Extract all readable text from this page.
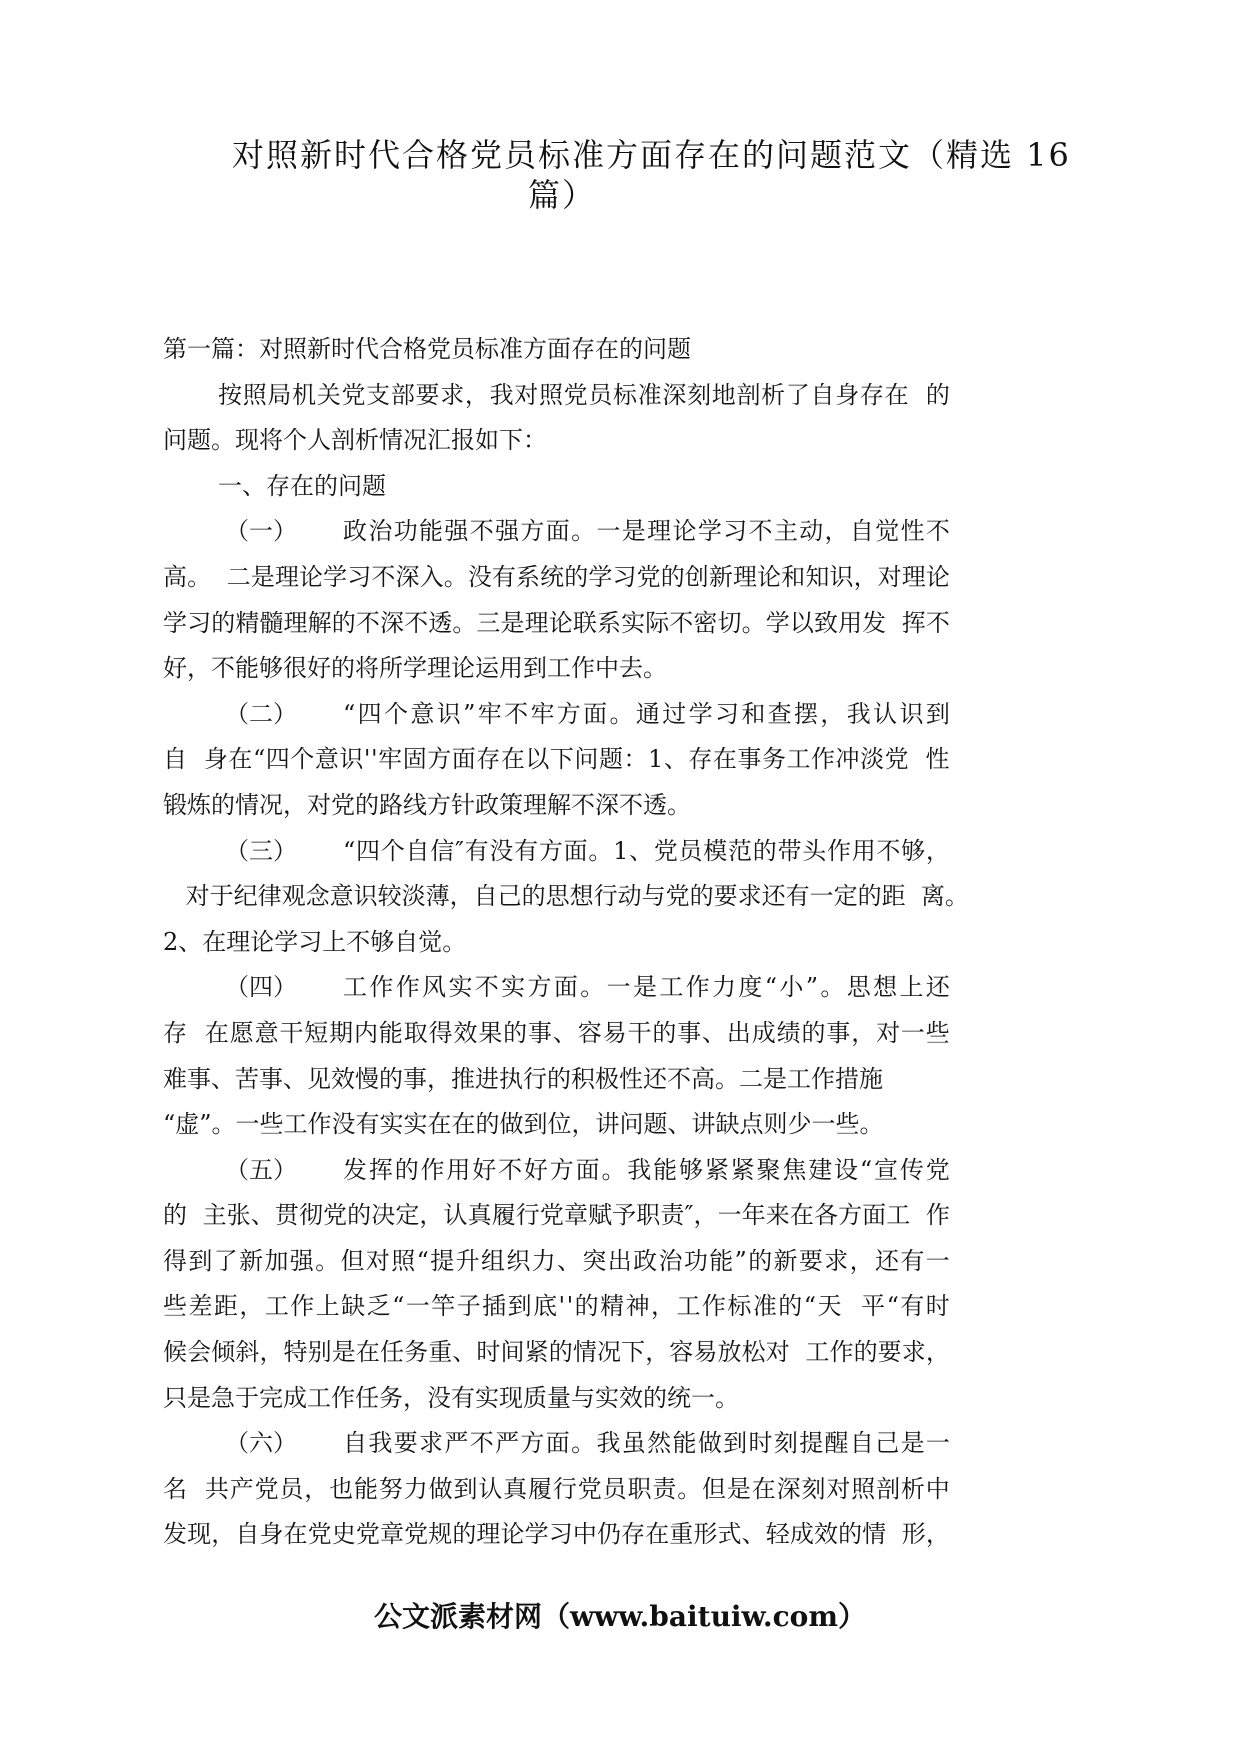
对照新时代合格党员标准方面存在的问题范文（精选 16
篇）
第一篇：对照新时代合格党员标准方面存在的问题
按 照 局 机 关 党 支 部 要 求 ， 我 对 照 党 员 标 准 深 刻 地 剖 析 了 自 身 存 在

的
问题。现将个人剖析情况汇报如下：
一、存在的问题
（一）	政 治 功 能 强 不 强 方 面 。 一 是 理 论 学 习 不 主 动 ， 自 觉 性 不
高 。

二 是 理 论 学 习 不 深 入 。 没 有 系 统 的 学 习 党 的 创 新 理 论 和 知 识 ， 对 理 论
学 习 的 精 髓 理 解 的 不 深 不 透 。 三 是 理 论 联 系 实 际 不 密 切 。 学 以 致 用 发

挥 不
好，不能够很好的将所学理论运用到工作中去。
（二）	“ 四 个 意 识 ” 牢 不 牢 方 面 。 通 过 学 习 和 查 摆 ， 我 认 识 到
自

身 在 “ 四 个 意 识 ' ' 牢 固 方 面 存 在 以 下 问 题 ： 1 、 存 在 事 务 工 作 冲 淡 党

性
锻炼的情况，对党的路线方针政策理解不深不透。
（三）	“ 四 个 自 信 ″ 有 没 有 方 面 。 1 、 党 员 模 范 的 带 头 作 用 不 够 ，

对 于 纪 律 观 念 意 识 较 淡 薄 ， 自 己 的 思 想 行 动 与 党 的 要 求 还 有 一 定 的 距

离 。
2、在理论学习上不够自觉。
（四）	工 作 作 风 实 不 实 方 面 。 一 是 工 作 力 度 “ 小 ” 。 思 想 上 还
存

在 愿 意 干 短 期 内 能 取 得 效 果 的 事 、 容 易 干 的 事 、 出 成 绩 的 事 ， 对 一 些
难事、苦事、见效慢的事，推进执行的积极性还不高。二是工作措施
“虚”。一些工作没有实实在在的做到位，讲问题、讲缺点则少一些。
（五）	发 挥 的 作 用 好 不 好 方 面 。 我 能 够 紧 紧 聚 焦 建 设 “ 宣 传 党
的

主 张 、 贯 彻 党 的 决 定 ， 认 真 履 行 党 章 赋 予 职 责 ″ ， 一 年 来 在 各 方 面 工

作
得 到 了 新 加 强 。 但 对 照 “ 提 升 组 织 力 、 突 出 政 治 功 能 ” 的 新 要 求 ， 还 有 一
些 差 距 ， 工 作 上 缺 乏 “ 一 竿 子 插 到 底 ' ' 的 精 神 ， 工 作 标 准 的 “ 天

平 “ 有 时
候 会 倾 斜 ， 特 别 是 在 任 务 重 、 时 间 紧 的 情 况 下 ， 容 易 放 松 对

工 作 的 要 求 ，
只是急于完成工作任务，没有实现质量与实效的统一。
（六）	自 我 要 求 严 不 严 方 面 。 我 虽 然 能 做 到 时 刻 提 醒 自 己 是 一
名

共 产 党 员 ， 也 能 努 力 做 到 认 真 履 行 党 员 职 责 。 但 是 在 深 刻 对 照 剖 析 中
发 现 ， 自 身 在 党 史 党 章 党 规 的 理 论 学 习 中 仍 存 在 重 形 式 、 轻 成 效 的 情

形 ，
公文派素材网（www.baituiw.com）
